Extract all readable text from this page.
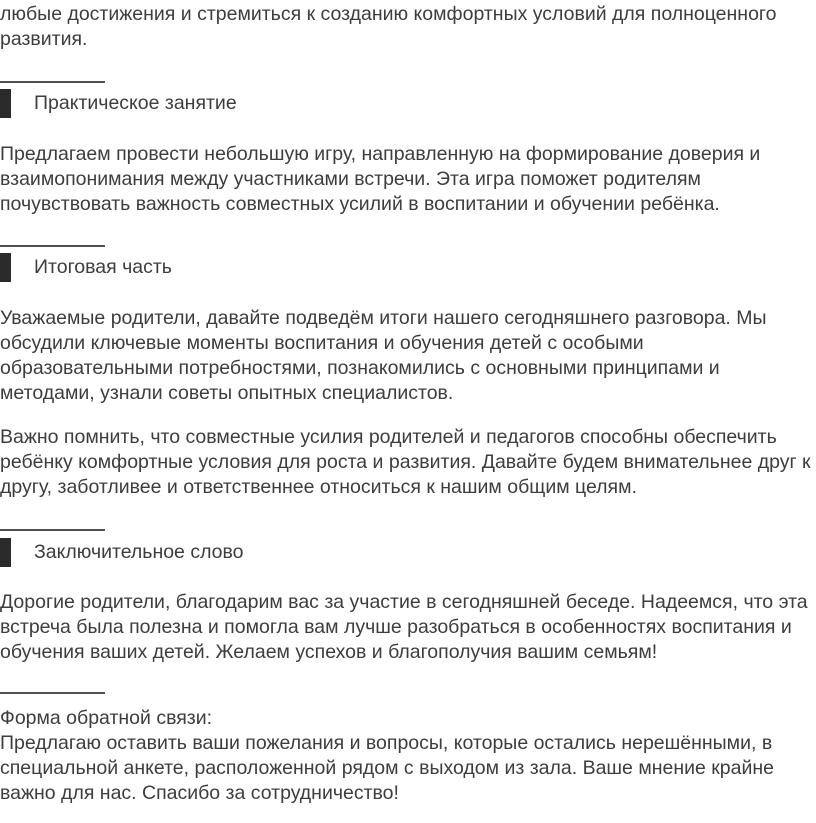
любые достижения и стремиться к созданию комфортных условий для полноценного развития.

Практическое занятие

Предлагаем провести небольшую игру, направленную на формирование доверия и взаимопонимания между участниками встречи. Эта игра поможет родителям почувствовать важность совместных усилий в воспитании и обучении ребёнка.

Итоговая часть

Уважаемые родители, давайте подведём итоги нашего сегодняшнего разговора. Мы обсудили ключевые моменты воспитания и обучения детей с особыми образовательными потребностями, познакомились с основными принципами и методами, узнали советы опытных специалистов.

Важно помнить, что совместные усилия родителей и педагогов способны обеспечить ребёнку комфортные условия для роста и развития. Давайте будем внимательнее друг к другу, заботливее и ответственнее относиться к нашим общим целям.

Заключительное слово

Дорогие родители, благодарим вас за участие в сегодняшней беседе. Надеемся, что эта встреча была полезна и помогла вам лучше разобраться в особенностях воспитания и обучения ваших детей. Желаем успехов и благополучия вашим семьям!

Форма обратной связи:

Предлагаю оставить ваши пожелания и вопросы, которые остались нерешёнными, в специальной анкете, расположенной рядом с выходом из зала. Ваше мнение крайне важно для нас. Спасибо за сотрудничество!
